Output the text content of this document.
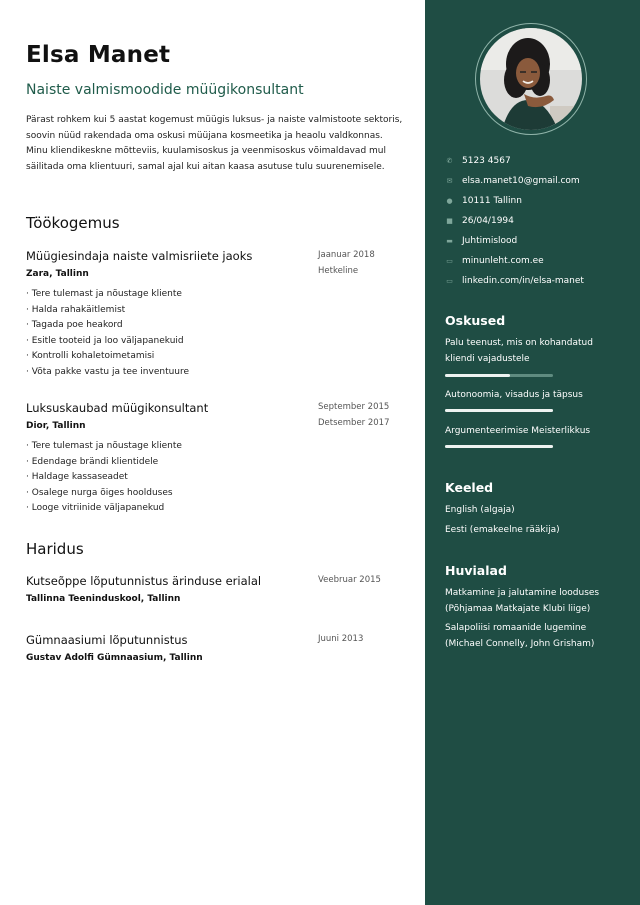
Elsa Manet
Naiste valmismoodide müügikonsultant
Pärast rohkem kui 5 aastat kogemust müügis luksus- ja naiste valmistoote sektoris, soovin nüüd rakendada oma oskusi müüjana kosmeetika ja heaolu valdkonnas. Minu kliendikeskne mõtteviis, kuulamisoskus ja veenmisoskus võimaldavad mul säilitada oma klientuuri, samal ajal kui aitan kaasa asutuse tulu suurenemisele.
Töökogemus
Müügiesindaja naiste valmisriiete jaoks
Zara, Tallinn
Jaanuar 2018
Hetkeline
· Tere tulemast ja nõustage kliente
· Halda rahakäitlemist
· Tagada poe heakord
· Esitle tooteid ja loo väljapanekuid
· Kontrolli kohaletoimetamisi
· Võta pakke vastu ja tee inventuure
Luksuskaubad müügikonsultant
Dior, Tallinn
September 2015
Detsember 2017
· Tere tulemast ja nõustage kliente
· Edendage brändi klientidele
· Haldage kassaseadet
· Osalege nurga õiges hoolduses
· Looge vitriinide väljapanekud
Haridus
Kutseõppe lõputunnistus ärinduse erialal
Tallinna Teeninduskool, Tallinn
Veebruar 2015
Gümnaasiumi lõputunnistus
Gustav Adolfi Gümnaasium, Tallinn
Juuni 2013
✆ 5123 4567
✉ elsa.manet10@gmail.com
● 10111 Tallinn
■ 26/04/1994
▬ Juhtimislood
▭ minunleht.com.ee
▭ linkedin.com/in/elsa-manet
Oskused
Palu teenust, mis on kohandatud kliendi vajadustele
Autonoomia, visadus ja täpsus
Argumenteerimise Meisterlikkus
Keeled
English (algaja)
Eesti (emakeelne rääkija)
Huvialad
Matkamine ja jalutamine looduses (Põhjamaa Matkajate Klubi liige)
Salapoliisi romaanide lugemine (Michael Connelly, John Grisham)
